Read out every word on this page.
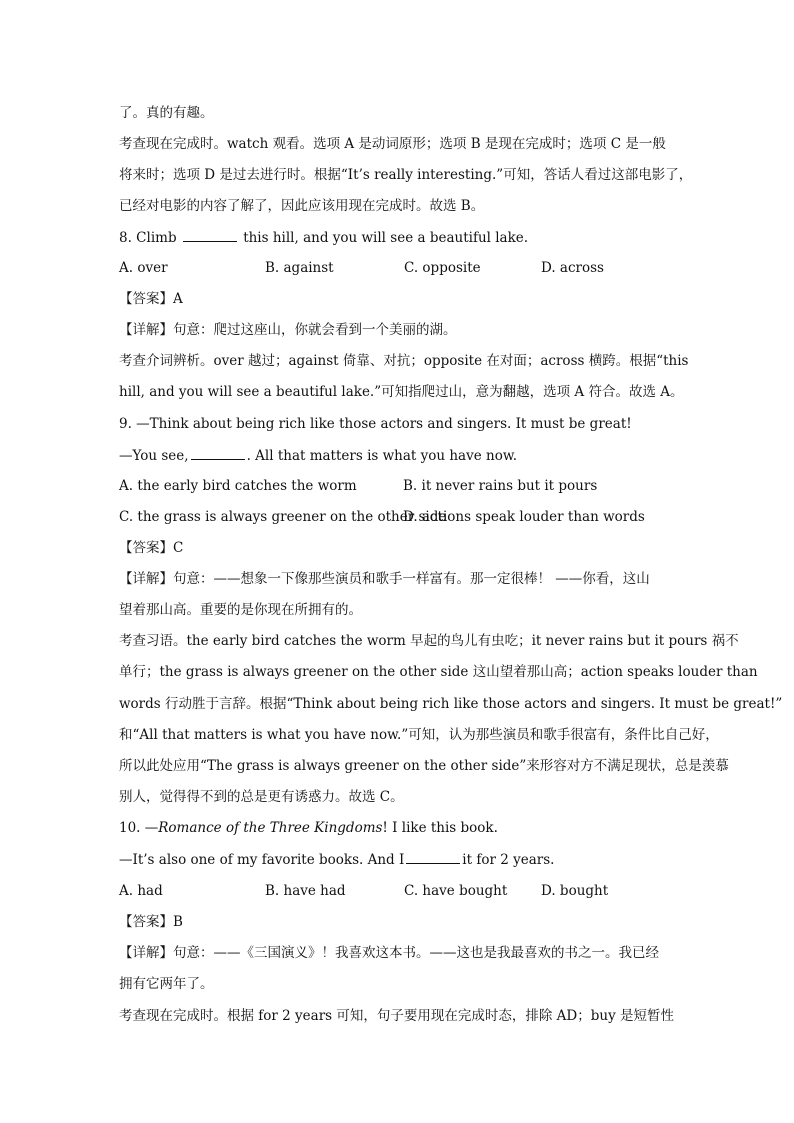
了。真的有趣。
考查现在完成时。watch 观看。选项 A 是动词原形；选项 B 是现在完成时；选项 C 是一般
将来时；选项 D 是过去进行时。根据“It’s really interesting.”可知，答话人看过这部电影了，
已经对电影的内容了解了，因此应该用现在完成时。故选 B。
8. Climb	this hill, and you will see a beautiful lake.
A. over	B. against	C. opposite	D. across
【答案】A
【详解】句意：爬过这座山，你就会看到一个美丽的湖。
考查介词辨析。over 越过；against 倚靠、对抗；opposite 在对面；across 横跨。根据“this
hill, and you will see a beautiful lake.”可知指爬过山，意为翻越，选项 A 符合。故选 A。
9. —Think about being rich like those actors and singers. It must be great!
—You see,	. All that matters is what you have now.
A. the early bird catches the worm	B. it never rains but it pours
C. the grass is always greener on the other side
D. actions speak louder than words
【答案】C
【详解】句意：——想象一下像那些演员和歌手一样富有。那一定很棒！ ——你看，这山
望着那山高。重要的是你现在所拥有的。
考查习语。the early bird catches the worm 早起的鸟儿有虫吃；it never rains but it pours 祸不
单行；the grass is always greener on the other side 这山望着那山高；action speaks louder than
words 行动胜于言辞。根据“Think about being rich like those actors and singers. It must be great!”
和“All that matters is what you have now.”可知，认为那些演员和歌手很富有，条件比自己好，
所以此处应用“The grass is always greener on the other side”来形容对方不满足现状，总是羡慕
别人，觉得得不到的总是更有诱惑力。故选 C。
10. —Romance of the Three Kingdoms! I like this book.
—It’s also one of my favorite books. And I	it for 2 years.
A. had	B. have had	C. have bought D. bought
【答案】B
【详解】句意：——《三国演义》！我喜欢这本书。——这也是我最喜欢的书之一。我已经
拥有它两年了。
考查现在完成时。根据 for 2 years 可知，句子要用现在完成时态，排除 AD；buy 是短暂性
